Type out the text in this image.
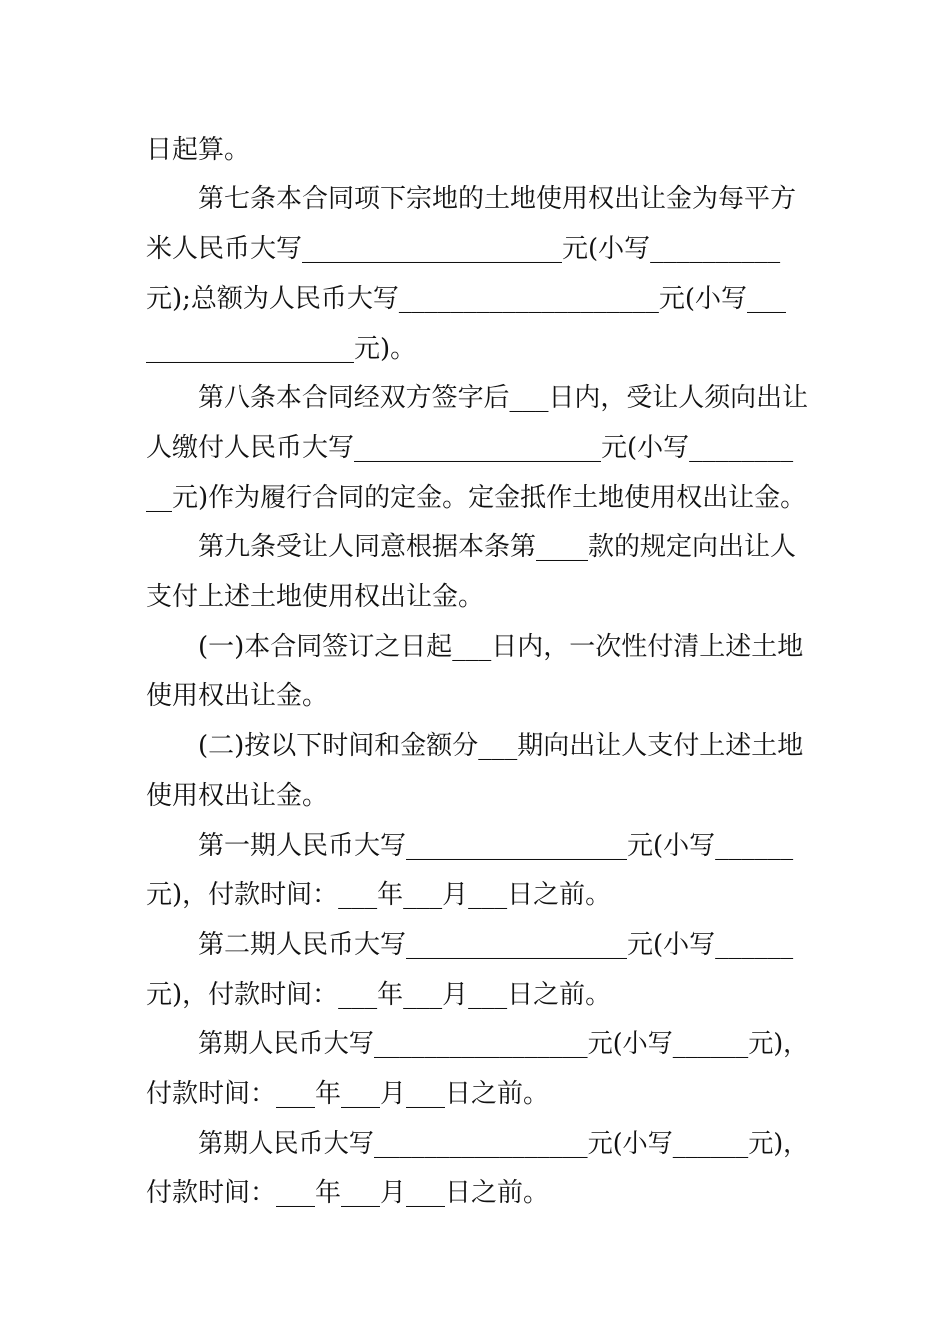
日起算。
第七条本合同项下宗地的土地使用权出让金为每平方
米人民币大写____________________元(小写__________
元);总额为人民币大写____________________元(小写___
________________元)。
第八条本合同经双方签字后___日内，受让人须向出让
人缴付人民币大写___________________元(小写________
__元)作为履行合同的定金。定金抵作土地使用权出让金。
第九条受让人同意根据本条第____款的规定向出让人
支付上述土地使用权出让金。
(一)本合同签订之日起___日内，一次性付清上述土地
使用权出让金。
(二)按以下时间和金额分___期向出让人支付上述土地
使用权出让金。
第一期人民币大写_________________元(小写______
元)，付款时间：___年___月___日之前。
第二期人民币大写_________________元(小写______
元)，付款时间：___年___月___日之前。
第期人民币大写_________________元(小写______元)，
付款时间：___年___月___日之前。
第期人民币大写_________________元(小写______元)，
付款时间：___年___月___日之前。
